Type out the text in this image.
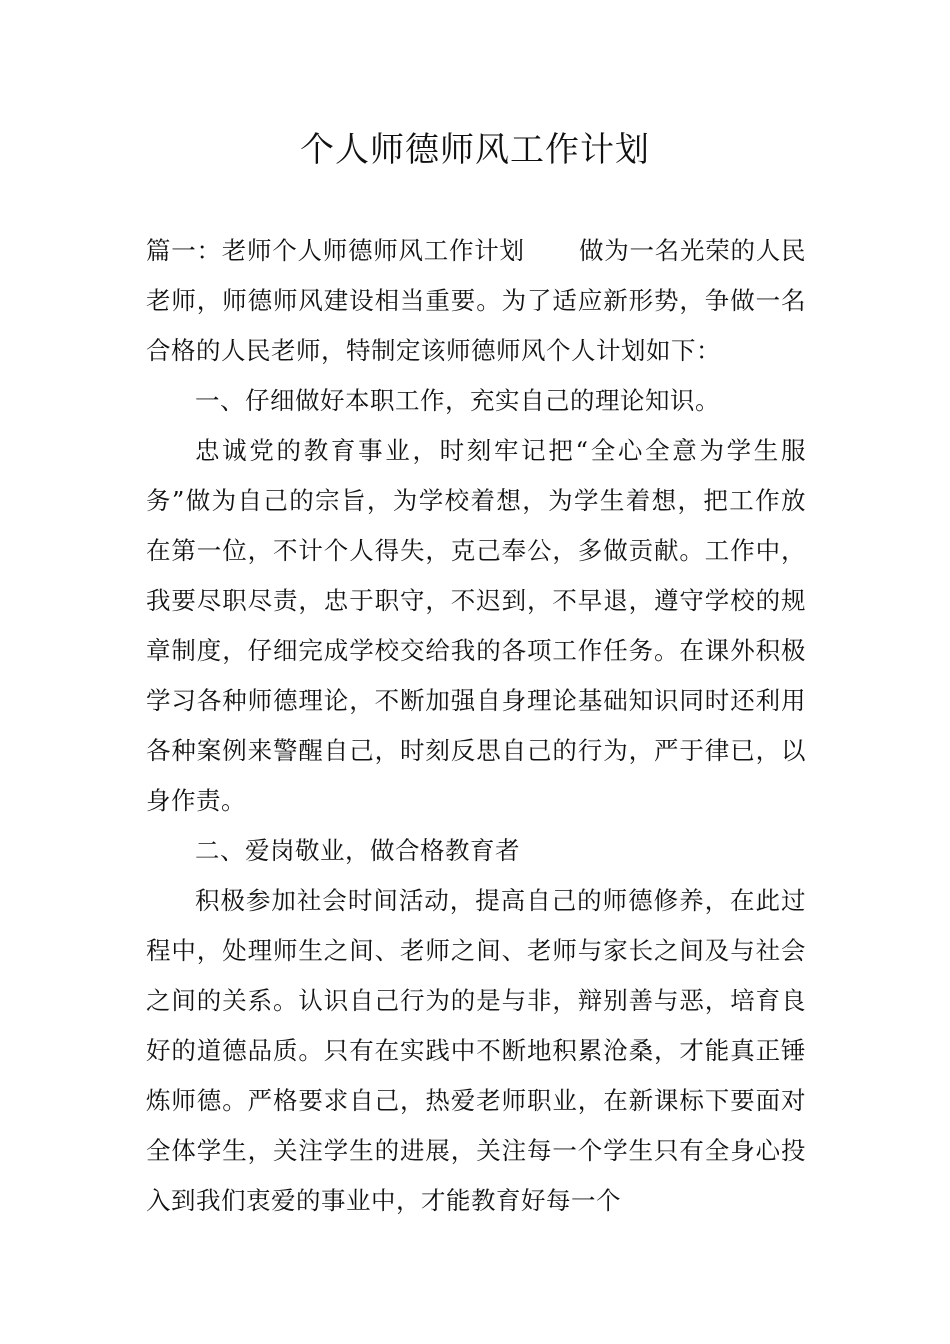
个人师德师风工作计划

篇一：老师个人师德师风工作计划 做为一名光荣的人民老师，师德师风建设相当重要。为了适应新形势，争做一名合格的人民老师，特制定该师德师风个人计划如下：

一、仔细做好本职工作，充实自己的理论知识。

忠诚党的教育事业，时刻牢记把“全心全意为学生服务”做为自己的宗旨，为学校着想，为学生着想，把工作放在第一位，不计个人得失，克己奉公，多做贡献。工作中，我要尽职尽责，忠于职守，不迟到，不早退，遵守学校的规章制度，仔细完成学校交给我的各项工作任务。在课外积极学习各种师德理论，不断加强自身理论基础知识同时还利用各种案例来警醒自己，时刻反思自己的行为，严于律已，以身作责。

二、爱岗敬业，做合格教育者

积极参加社会时间活动，提高自己的师德修养，在此过程中，处理师生之间、老师之间、老师与家长之间及与社会之间的关系。认识自己行为的是与非，辩别善与恶，培育良好的道德品质。只有在实践中不断地积累沧桑，才能真正锤炼师德。严格要求自己，热爱老师职业，在新课标下要面对全体学生，关注学生的进展，关注每一个学生只有全身心投入到我们衷爱的事业中，才能教育好每一个
